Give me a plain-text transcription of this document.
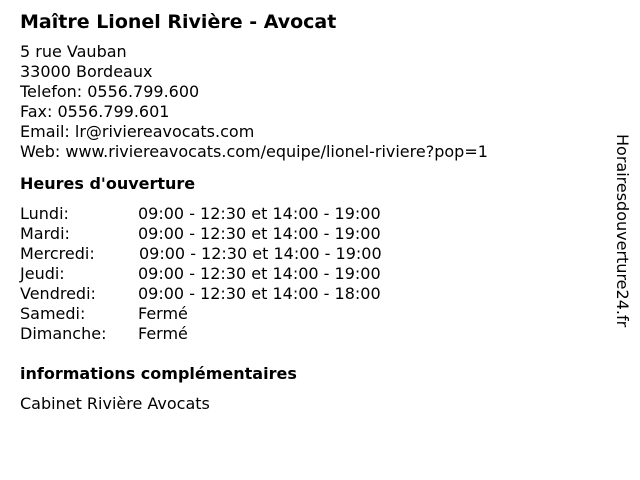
Maître Lionel Rivière - Avocat
5 rue Vauban
33000 Bordeaux
Telefon: 0556.799.600
Fax: 0556.799.601
Email: lr@riviereavocats.com
Web: www.riviereavocats.com/equipe/lionel-riviere?pop=1
Heures d'ouverture
Lundi:	09:00 - 12:30 et 14:00 - 19:00
Mardi:	09:00 - 12:30 et 14:00 - 19:00
Mercredi:	09:00 - 12:30 et 14:00 - 19:00
Jeudi:	09:00 - 12:30 et 14:00 - 19:00
Vendredi:	09:00 - 12:30 et 14:00 - 18:00
Samedi:	Fermé
Dimanche: Fermé
informations complémentaires
Cabinet Rivière Avocats
Horairesdouverture24.fr
